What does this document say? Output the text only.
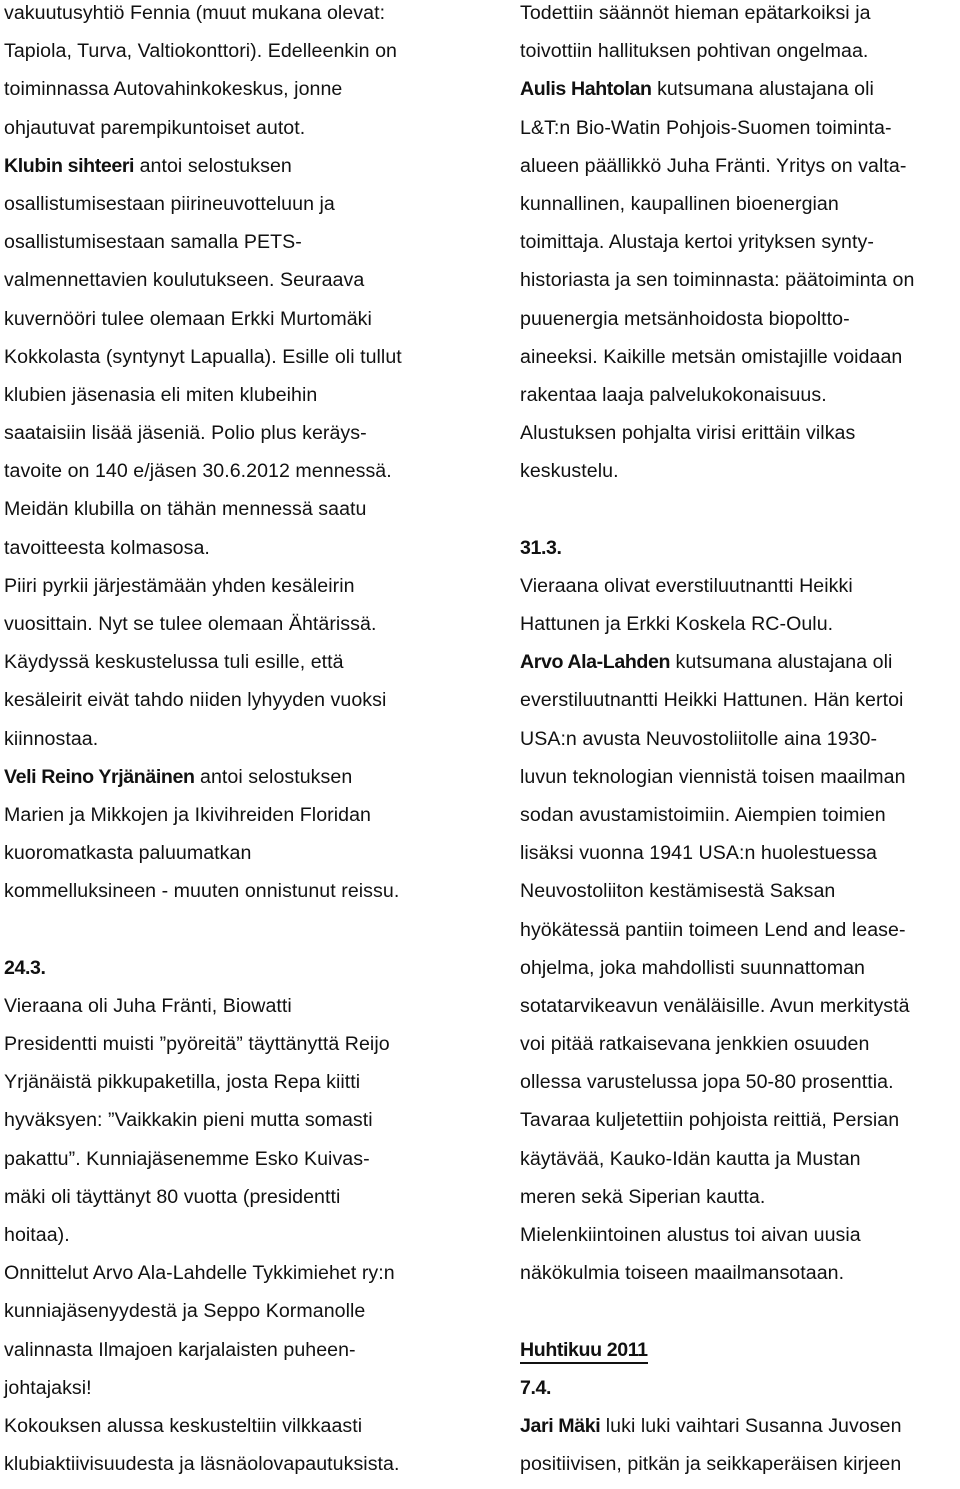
vakuutusyhtiö Fennia (muut mukana olevat:
Tapiola, Turva, Valtiokonttori). Edelleenkin on
toiminnassa Autovahinkokeskus, jonne
ohjautuvat parempikuntoiset autot.
Klubin sihteeri antoi selostuksen
osallistumisestaan piirineuvotteluun ja
osallistumisestaan samalla PETS-
valmennettavien koulutukseen. Seuraava
kuvernööri tulee olemaan Erkki Murtomäki
Kokkolasta (syntynyt Lapualla). Esille oli tullut
klubien jäsenasia eli miten klubeihin
saataisiin lisää jäseniä. Polio plus keräys-
tavoite on 140 e/jäsen 30.6.2012 mennessä.
Meidän klubilla on tähän mennessä saatu
tavoitteesta kolmasosa.
Piiri pyrkii järjestämään yhden kesäleirin
vuosittain. Nyt se tulee olemaan Ähtärissä.
Käydyssä keskustelussa tuli esille, että
kesäleirit eivät tahdo niiden lyhyyden vuoksi
kiinnostaa.
Veli Reino Yrjänäinen antoi selostuksen
Marien ja Mikkojen ja Ikivihreiden Floridan
kuoromatkasta paluumatkan
kommelluksineen - muuten onnistunut reissu.
24.3.
Vieraana oli Juha Fränti, Biowatti
Presidentti muisti ”pyöreitä” täyttänyttä Reijo
Yrjänäistä pikkupaketilla, josta Repa kiitti
hyväksyen: ”Vaikkakin pieni mutta somasti
pakattu”. Kunniajäsenemme Esko Kuivas-
mäki oli täyttänyt 80 vuotta (presidentti
hoitaa).
Onnittelut Arvo Ala-Lahdelle Tykkimiehet ry:n
kunniajäsenyydestä ja Seppo Kormanolle
valinnasta Ilmajoen karjalaisten puheen-
johtajaksi!
Kokouksen alussa keskusteltiin vilkkaasti
klubiaktiivisuudesta ja läsnäolovapautuksista.
Todettiin säännöt hieman epätarkoiksi ja
toivottiin hallituksen pohtivan ongelmaa.
Aulis Hahtolan kutsumana alustajana oli
L&T:n Bio-Watin Pohjois-Suomen toiminta-
alueen päällikkö Juha Fränti. Yritys on valta-
kunnallinen, kaupallinen bioenergian
toimittaja. Alustaja kertoi yrityksen synty-
historiasta ja sen toiminnasta: päätoiminta on
puuenergia metsänhoidosta biopoltto-
aineeksi. Kaikille metsän omistajille voidaan
rakentaa laaja palvelukokonaisuus.
Alustuksen pohjalta virisi erittäin vilkas
keskustelu.
31.3.
Vieraana olivat everstiluutnantti Heikki
Hattunen ja Erkki Koskela RC-Oulu.
Arvo Ala-Lahden kutsumana alustajana oli
everstiluutnantti Heikki Hattunen. Hän kertoi
USA:n avusta Neuvostoliitolle aina 1930-
luvun teknologian viennistä toisen maailman
sodan avustamistoimiin. Aiempien toimien
lisäksi vuonna 1941 USA:n huolestuessa
Neuvostoliiton kestämisestä Saksan
hyökätessä pantiin toimeen Lend and lease-
ohjelma, joka mahdollisti suunnattoman
sotatarvikeavun venäläisille. Avun merkitystä
voi pitää ratkaisevana jenkkien osuuden
ollessa varustelussa jopa 50-80 prosenttia.
Tavaraa kuljetettiin pohjoista reittiä, Persian
käytävää, Kauko-Idän kautta ja Mustan
meren sekä Siperian kautta.
Mielenkiintoinen alustus toi aivan uusia
näkökulmia toiseen maailmansotaan.
Huhtikuu 2011
7.4.
Jari Mäki luki luki vaihtari Susanna Juvosen
positiivisen, pitkän ja seikkaperäisen kirjeen
